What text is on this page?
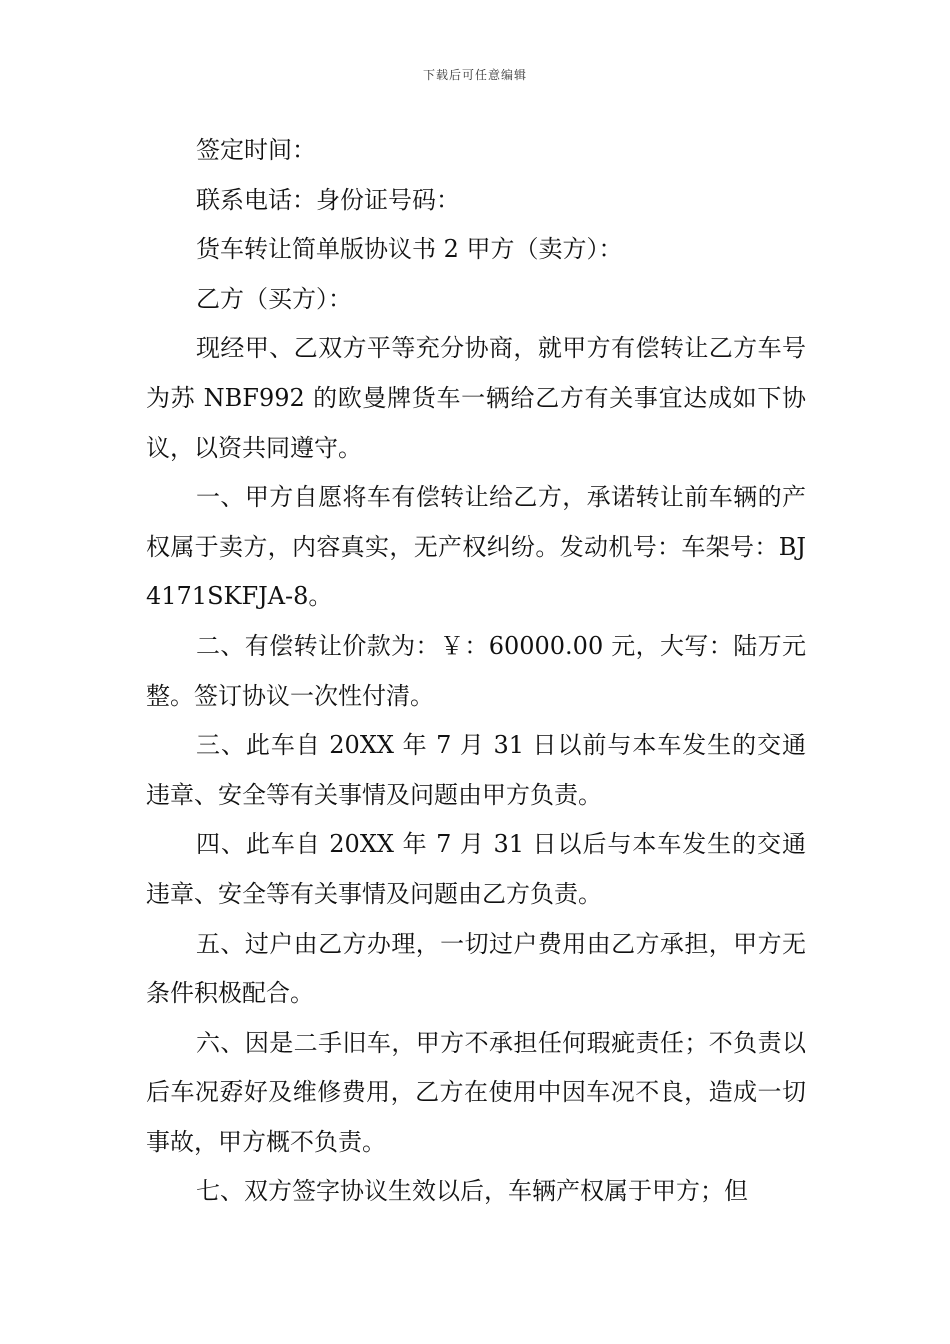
下载后可任意编辑

签定时间：

联系电话：身份证号码：

货车转让简单版协议书 2 甲方（卖方）：

乙方（买方）：

现经甲、乙双方平等充分协商，就甲方有偿转让乙方车号为苏 NBF992 的欧曼牌货车一辆给乙方有关事宜达成如下协议，以资共同遵守。

一、甲方自愿将车有偿转让给乙方，承诺转让前车辆的产权属于卖方，内容真实，无产权纠纷。发动机号：车架号：BJ4171SKFJA-8。

二、有偿转让价款为：￥：60000.00 元，大写：陆万元整。签订协议一次性付清。

三、此车自 20XX 年 7 月 31 日以前与本车发生的交通违章、安全等有关事情及问题由甲方负责。

四、此车自 20XX 年 7 月 31 日以后与本车发生的交通违章、安全等有关事情及问题由乙方负责。

五、过户由乙方办理，一切过户费用由乙方承担，甲方无条件积极配合。

六、因是二手旧车，甲方不承担任何瑕疵责任；不负责以后车况孬好及维修费用，乙方在使用中因车况不良，造成一切事故，甲方概不负责。

七、双方签字协议生效以后，车辆产权属于甲方；但
